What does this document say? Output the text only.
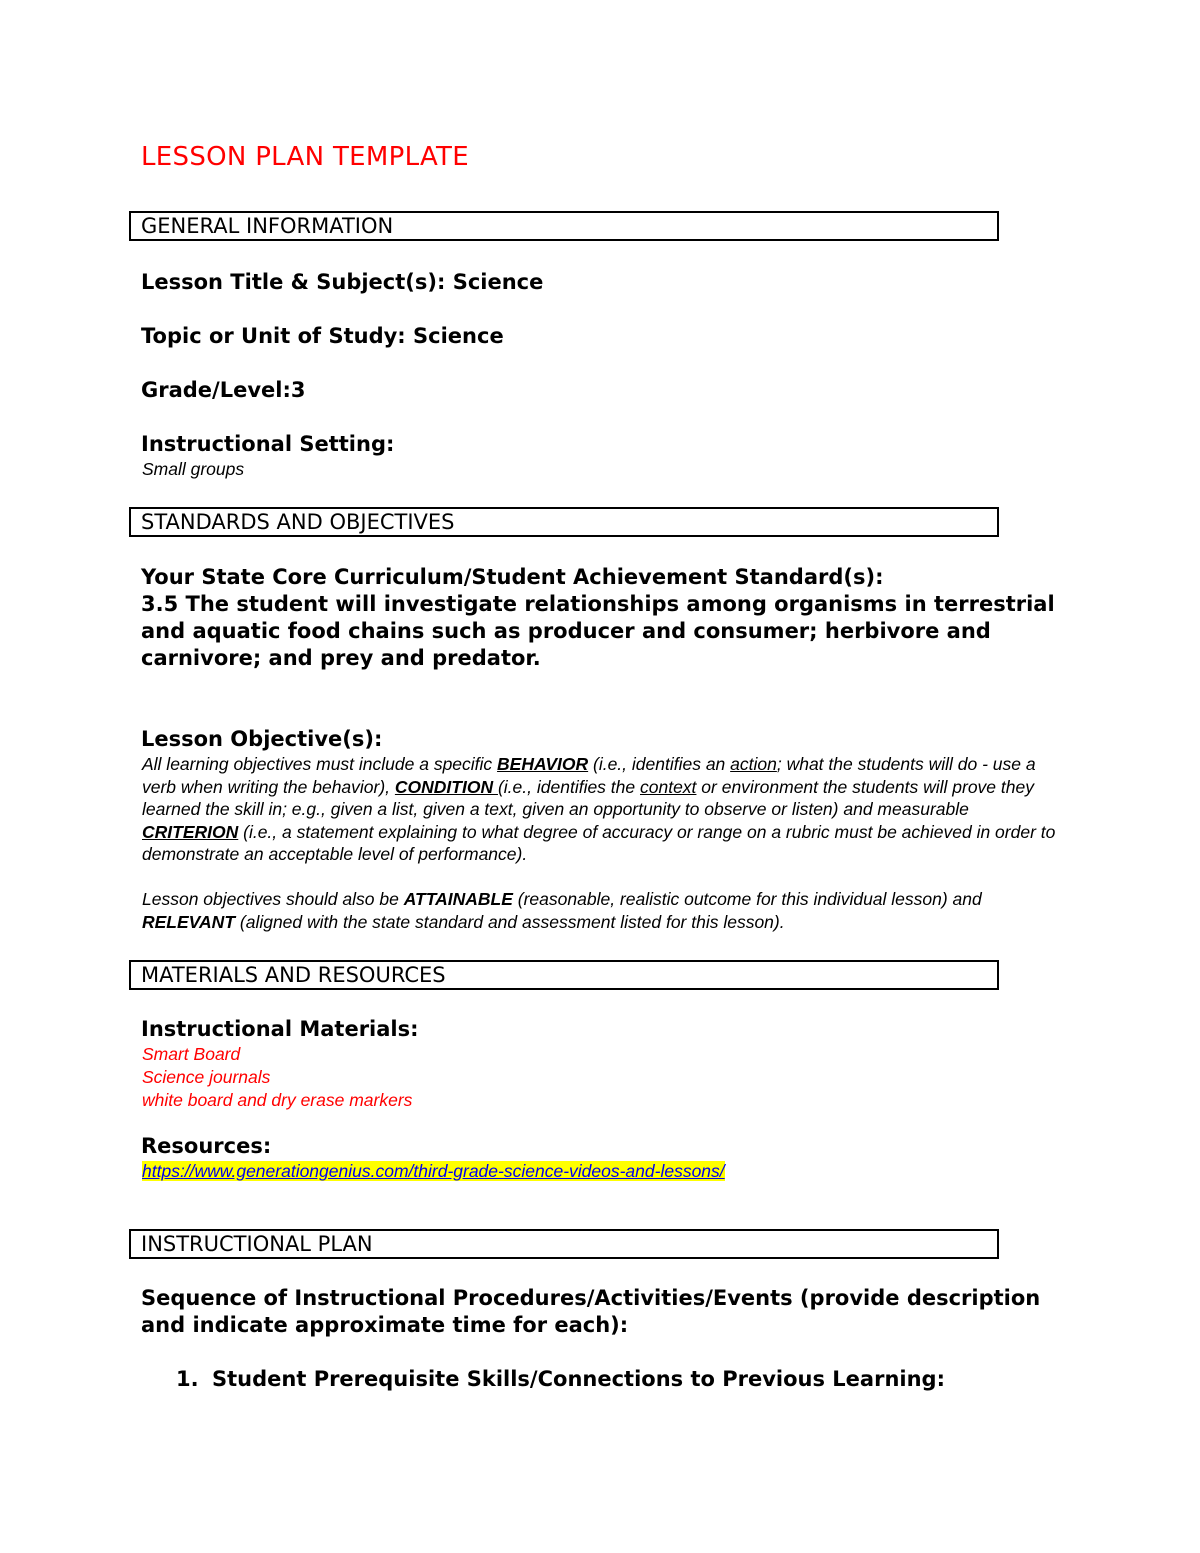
LESSON PLAN TEMPLATE
GENERAL INFORMATION
Lesson Title & Subject(s): Science
Topic or Unit of Study: Science
Grade/Level:3
Instructional Setting:
Small groups
STANDARDS AND OBJECTIVES
Your State Core Curriculum/Student Achievement Standard(s):
3.5 The student will investigate relationships among organisms in terrestrial and aquatic food chains such as producer and consumer; herbivore and carnivore; and prey and predator.
Lesson Objective(s):
All learning objectives must include a specific BEHAVIOR (i.e., identifies an action; what the students will do - use a verb when writing the behavior), CONDITION (i.e., identifies the context or environment the students will prove they learned the skill in; e.g., given a list, given a text, given an opportunity to observe or listen) and measurable CRITERION (i.e., a statement explaining to what degree of accuracy or range on a rubric must be achieved in order to demonstrate an acceptable level of performance).
Lesson objectives should also be ATTAINABLE (reasonable, realistic outcome for this individual lesson) and RELEVANT (aligned with the state standard and assessment listed for this lesson).
MATERIALS AND RESOURCES
Instructional Materials:
Smart Board
Science journals
white board and dry erase markers
Resources:
https://www.generationgenius.com/third-grade-science-videos-and-lessons/
INSTRUCTIONAL PLAN
Sequence of Instructional Procedures/Activities/Events (provide description and indicate approximate time for each):
1. Student Prerequisite Skills/Connections to Previous Learning:
